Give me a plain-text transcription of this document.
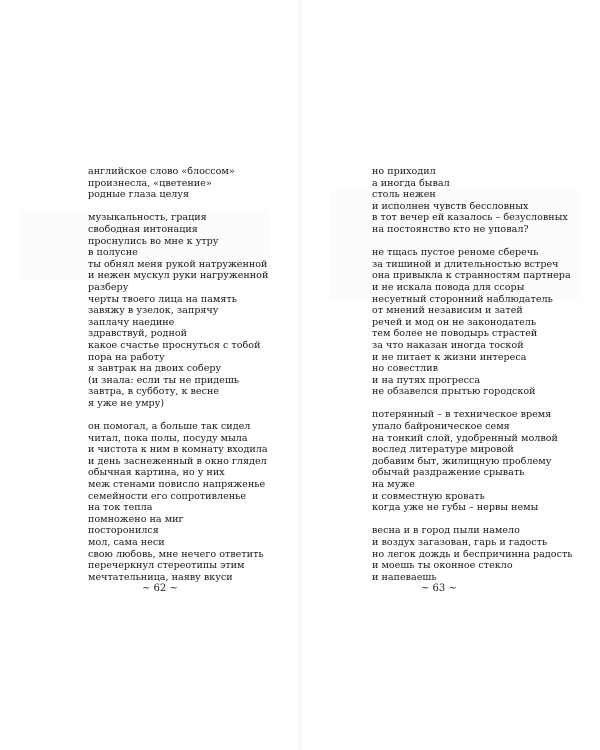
английское слово «блоссом»
произнесла, «цветение»
родные глаза целуя
музыкальность, грация
свободная интонация
проснулись во мне к утру
в полусне
ты обнял меня рукой натруженной
и нежен мускул руки нагруженной
разберу
черты твоего лица на память
завяжу в узелок, запрячу
заплачу наедине
здравствуй, родной
какое счастье проснуться с тобой
пора на работу
я завтрак на двоих соберу
(и знала: если ты не придешь
завтра, в субботу, к весне
я уже не умру)
он помогал, а больше так сидел
читал, пока полы, посуду мыла
и чистота к ним в комнату входила
и день заснеженный в окно глядел
обычная картина, но у них
меж стенами повисло напряженье
семейности его сопротивленье
на ток тепла
помножено на миг
посторонился
мол, сама неси
свою любовь, мне нечего ответить
перечеркнул стереотипы этим
мечтательница, наяву вкуси
~ 62 ~
но приходил
а иногда бывал
столь нежен
и исполнен чувств бессловных
в тот вечер ей казалось – безусловных
на постоянство кто не уповал?
не тщась пустое реноме сберечь
за тишиной и длительностью встреч
она привыкла к странностям партнера
и не искала повода для ссоры
несуетный сторонний наблюдатель
от мнений независим и затей
речей и мод он не законодатель
тем более не поводырь страстей
за что наказан иногда тоской
и не питает к жизни интереса
но совестлив
и на путях прогресса
не обзавелся прытью городской
потерянный – в техническое время
упало байроническое семя
на тонкий слой, удобренный молвой
вослед литературе мировой
добавим быт, жилищную проблему
обычай раздражение срывать
на муже
и совместную кровать
когда уже не губы – нервы немы
весна и в город пыли намело
и воздух загазован, гарь и гадость
но легок дождь и беспричинна радость
и моешь ты оконное стекло
и напеваешь
~ 63 ~
